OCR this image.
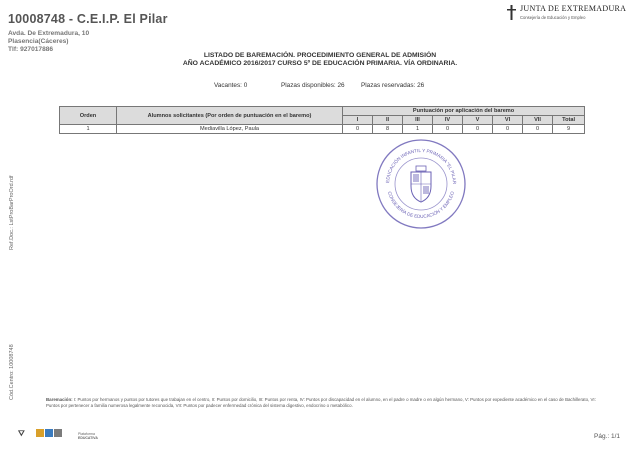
10008748 - C.E.I.P. El Pilar
Avda. De Extremadura, 10
Plasencia(Cáceres)
Tlf: 927017886
JUNTA DE EXTREMADURA
Consejería de Educación y Empleo
LISTADO DE BAREMACIÓN. PROCEDIMIENTO GENERAL DE ADMISIÓN
AÑO ACADÉMICO 2016/2017 CURSO 5º DE EDUCACIÓN PRIMARIA. VÍA ORDINARIA.
Vacantes: 0	Plazas disponibles: 26	Plazas reservadas: 26
Orden	Alumnos solicitantes (Por orden de puntuación en el baremo)	Puntuación por aplicación del baremo							
		I	II	III	IV	V	VI	VII	Total
1	Mediavilla López, Paula	0	8	1	0	0	0	0	9
Ref.Doc.: LstProBarProOrd.rdf
Cód.Centro: 10008748
EDUCACIÓN INFANTIL Y PRIMARIA "EL PILAR
CONSEJERÍA DE EDUCACIÓN Y EMPLEO
Baremación: I: Puntos por hermanos y puntos por tutores que trabajan en el centro, II: Puntos por domicilio, III: Puntos por renta, IV: Puntos por discapacidad en el alumno, en el padre o madre o en algún hermano, V: Puntos por expediente académico en el caso de Bachillerato, VI: Puntos por pertenecer a familia numerosa legalmente reconocida, VII: Puntos por padecer enfermedad crónica del sistema digestivo, endocrino o metabólico.
⛛	Plataforma
EDUCATIVA	Pág.: 1/1
